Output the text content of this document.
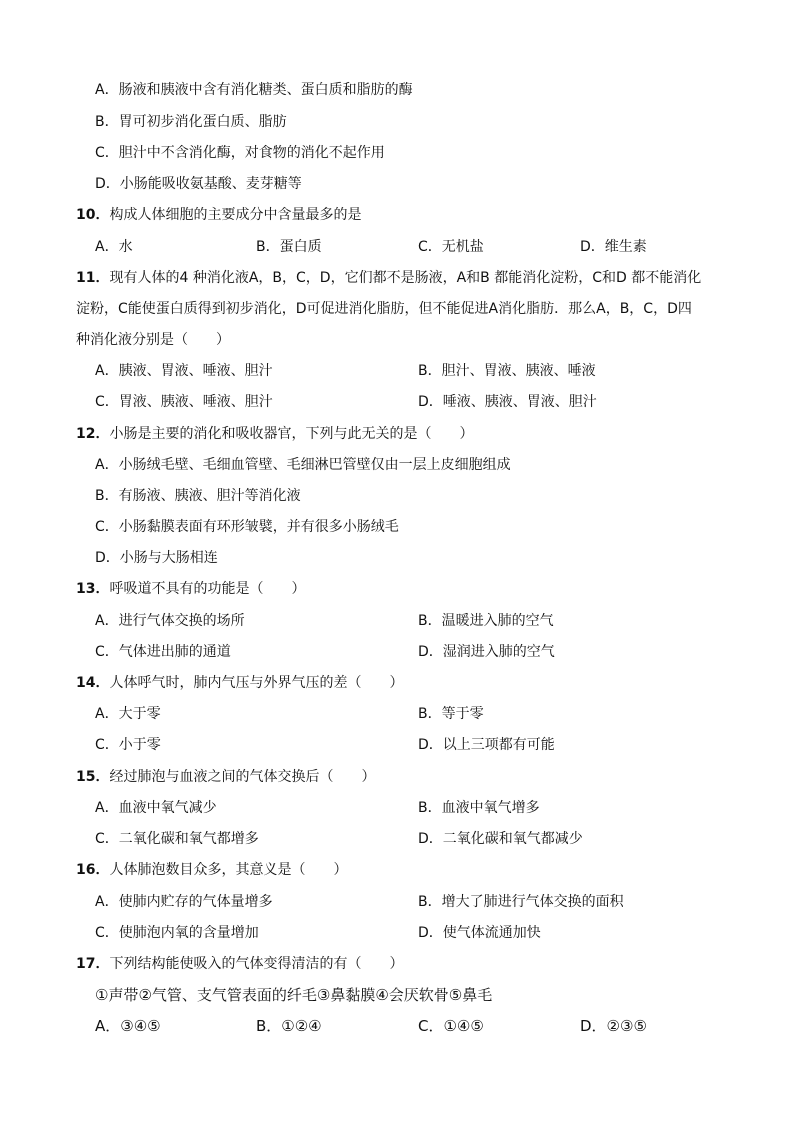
A．肠液和胰液中含有消化糖类、蛋白质和脂肪的酶
B．胃可初步消化蛋白质、脂肪
C．胆汁中不含消化酶，对食物的消化不起作用
D．小肠能吸收氨基酸、麦芽糖等
10．构成人体细胞的主要成分中含量最多的是
A．水	B．蛋白质	C．无机盐	D．维生素
11．现有人体的4 种消化液A，B，C，D，它们都不是肠液，A和B 都能消化淀粉，C和D 都不能消化
淀粉，C能使蛋白质得到初步消化，D可促进消化脂肪，但不能促进A消化脂肪．那么A，B，C，D四
种消化液分别是（　　）
A．胰液、胃液、唾液、胆汁	B．胆汁、胃液、胰液、唾液
C．胃液、胰液、唾液、胆汁	D．唾液、胰液、胃液、胆汁
12．小肠是主要的消化和吸收器官，下列与此无关的是（　　）
A．小肠绒毛壁、毛细血管壁、毛细淋巴管壁仅由一层上皮细胞组成
B．有肠液、胰液、胆汁等消化液
C．小肠黏膜表面有环形皱襞，并有很多小肠绒毛
D．小肠与大肠相连
13．呼吸道不具有的功能是（　　）
A．进行气体交换的场所	B．温暖进入肺的空气
C．气体进出肺的通道	D．湿润进入肺的空气
14．人体呼气时，肺内气压与外界气压的差（　　）
A．大于零	B．等于零
C．小于零	D．以上三项都有可能
15．经过肺泡与血液之间的气体交换后（　　）
A．血液中氧气减少	B．血液中氧气增多
C．二氧化碳和氧气都增多	D．二氧化碳和氧气都减少
16．人体肺泡数目众多，其意义是（　　）
A．使肺内贮存的气体量增多	B．增大了肺进行气体交换的面积
C．使肺泡内氧的含量增加	D．使气体流通加快
17．下列结构能使吸入的气体变得清洁的有（　　）
①声带②气管、支气管表面的纤毛③鼻黏膜④会厌软骨⑤鼻毛
A．③④⑤	B．①②④	C．①④⑤	D．②③⑤
